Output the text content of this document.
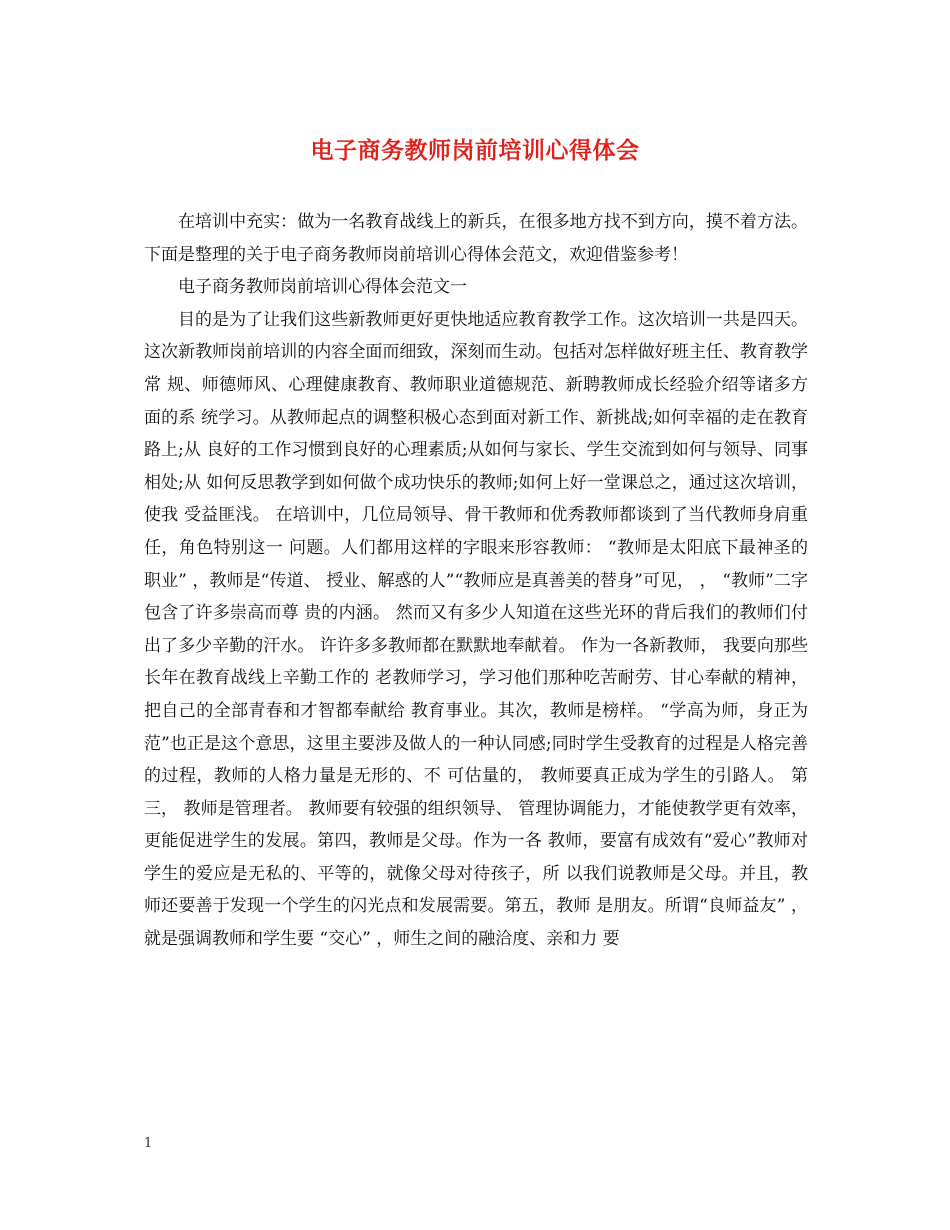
电子商务教师岗前培训心得体会

在培训中充实：做为一名教育战线上的新兵，在很多地方找不到方向，摸不着方法。下面是整理的关于电子商务教师岗前培训心得体会范文，欢迎借鉴参考！

电子商务教师岗前培训心得体会范文一

目的是为了让我们这些新教师更好更快地适应教育教学工作。这次培训一共是四天。 这次新教师岗前培训的内容全面而细致，深刻而生动。包括对怎样做好班主任、教育教学常 规、师德师风、心理健康教育、教师职业道德规范、新聘教师成长经验介绍等诸多方面的系 统学习。从教师起点的调整积极心态到面对新工作、新挑战;如何幸福的走在教育路上;从 良好的工作习惯到良好的心理素质;从如何与家长、学生交流到如何与领导、同事相处;从 如何反思教学到如何做个成功快乐的教师;如何上好一堂课总之，通过这次培训，使我 受益匪浅。 在培训中，几位局领导、骨干教师和优秀教师都谈到了当代教师身肩重任，角色特别这一 问题。人们都用这样的字眼来形容教师： “教师是太阳底下最神圣的职业” ，教师是“传道、 授业、解惑的人”“教师应是真善美的替身”可见， ， “教师”二字包含了许多崇高而尊 贵的内涵。 然而又有多少人知道在这些光环的背后我们的教师们付出了多少辛勤的汗水。 许许多多教师都在默默地奉献着。 作为一各新教师， 我要向那些长年在教育战线上辛勤工作的 老教师学习，学习他们那种吃苦耐劳、甘心奉献的精神，把自己的全部青春和才智都奉献给 教育事业。其次，教师是榜样。 “学高为师，身正为范”也正是这个意思，这里主要涉及做人的一种认同感;同时学生受教育的过程是人格完善的过程，教师的人格力量是无形的、不 可估量的， 教师要真正成为学生的引路人。 第三， 教师是管理者。 教师要有较强的组织领导、 管理协调能力，才能使教学更有效率，更能促进学生的发展。第四，教师是父母。作为一各 教师，要富有成效有“爱心”教师对学生的爱应是无私的、平等的，就像父母对待孩子，所 以我们说教师是父母。并且，教师还要善于发现一个学生的闪光点和发展需要。第五，教师 是朋友。所谓“良师益友” ，就是强调教师和学生要 “交心” ，师生之间的融洽度、亲和力 要

1
